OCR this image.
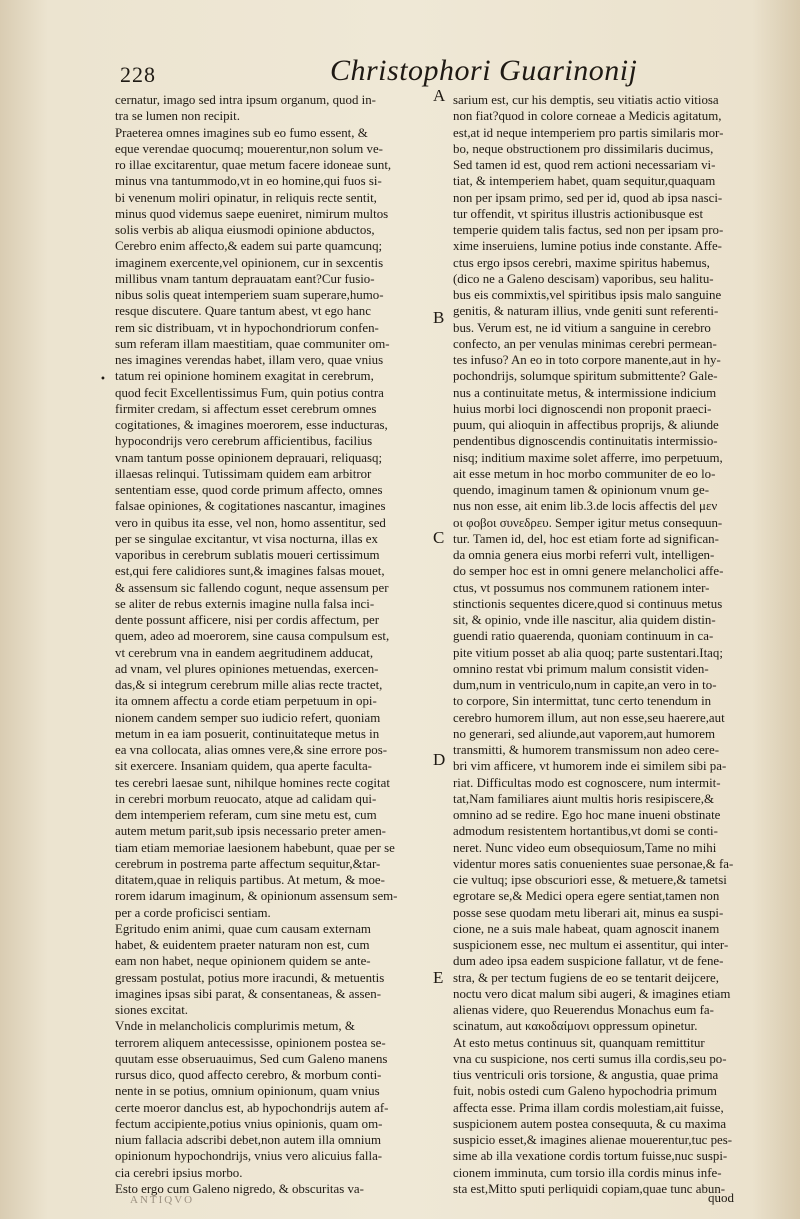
228	Christophori Guarinonij
cernatur, imago sed intra ipsum organum, quod in-
tra se lumen non recipit.
Praeterea omnes imagines sub eo fumo essent, &
eque verendae quocumq; mouerentur,non solum ve-
ro illae excitarentur, quae metum facere idoneae sunt,
minus vna tantummodo,vt in eo homine,qui fuos si-
bi venenum moliri opinatur, in reliquis recte sentit,
minus quod videmus saepe eueniret, nimirum multos
solis verbis ab aliqua eiusmodi opinione abductos,
Cerebro enim affecto,& eadem sui parte quamcunq;
imaginem exercente,vel opinionem, cur in sexcentis
millibus vnam tantum deprauatam eant?Cur fusio-
nibus solis queat intemperiem suam superare,humo-
resque discutere. Quare tantum abest, vt ego hanc
rem sic distribuam, vt in hypochondriorum confen-
sum referam illam maestitiam, quae communiter om-
nes imagines verendas habet, illam vero, quae vnius
tatum rei opinione hominem exagitat in cerebrum,
quod fecit Excellentissimus Fum, quin potius contra
firmiter credam, si affectum esset cerebrum omnes
cogitationes, & imagines moerorem, esse inducturas,
hypocondrijs vero cerebrum afficientibus, facilius
vnam tantum posse opinionem deprauari, reliquasq;
illaesas relinqui. Tutissimam quidem eam arbitror
sententiam esse, quod corde primum affecto, omnes
falsae opiniones, & cogitationes nascantur, imagines
vero in quibus ita esse, vel non, homo assentitur, sed
per se singulae excitantur, vt visa nocturna, illas ex
vaporibus in cerebrum sublatis moueri certissimum
est,qui fere calidiores sunt,& imagines falsas mouet,
& assensum sic fallendo cogunt, neque assensum per
se aliter de rebus externis imagine nulla falsa inci-
dente possunt afficere, nisi per cordis affectum, per
quem, adeo ad moerorem, sine causa compulsum est,
vt cerebrum vna in eandem aegritudinem adducat,
ad vnam, vel plures opiniones metuendas, exercen-
das,& si integrum cerebrum mille alias recte tractet,
ita omnem affectu a corde etiam perpetuum in opi-
nionem candem semper suo iudicio refert, quoniam
metum in ea iam posuerit, continuitateque metus in
ea vna collocata, alias omnes vere,& sine errore pos-
sit exercere. Insaniam quidem, qua aperte faculta-
tes cerebri laesae sunt, nihilque homines recte cogitat
in cerebri morbum reuocato, atque ad calidam qui-
dem intemperiem referam, cum sine metu est, cum
autem metum parit,sub ipsis necessario preter amen-
tiam etiam memoriae laesionem habebunt, quae per se
cerebrum in postrema parte affectum sequitur,&tar-
ditatem,quae in reliquis partibus. At metum, & moe-
rorem idarum imaginum, & opinionum assensum sem-
per a corde proficisci sentiam.
Egritudo enim animi, quae cum causam externam
habet, & euidentem praeter naturam non est, cum
eam non habet, neque opinionem quidem se ante-
gressam postulat, potius more iracundi, & metuentis
imagines ipsas sibi parat, & consentaneas, & assen-
siones excitat.
Vnde in melancholicis complurimis metum, &
terrorem aliquem antecessisse, opinionem postea se-
quutam esse obseruauimus, Sed cum Galeno manens
rursus dico, quod affecto cerebro, & morbum conti-
nente in se potius, omnium opinionum, quam vnius
certe moeror danclus est, ab hypochondrijs autem af-
fectum accipiente,potius vnius opinionis, quam om-
nium fallacia adscribi debet,non autem illa omnium
opinionum hypochondrijs, vnius vero alicuius falla-
cia cerebri ipsius morbo.
Esto ergo cum Galeno nigredo, & obscuritas va-
sarium est, cur his demptis, seu vitiatis actio vitiosa
non fiat?quod in colore corneae a Medicis agitatum,
est,at id neque intemperiem pro partis similaris mor-
bo, neque obstructionem pro dissimilaris ducimus,
Sed tamen id est, quod rem actioni necessariam vi-
tiat, & intemperiem habet, quam sequitur,quaquam
non per ipsam primo, sed per id, quod ab ipsa nasci-
tur offendit, vt spiritus illustris actionibusque est
temperie quidem talis factus, sed non per ipsam pro-
xime inseruiens, lumine potius inde constante. Affe-
ctus ergo ipsos cerebri, maxime spiritus habemus,
(dico ne a Galeno descisam) vaporibus, seu halitu-
bus eis commixtis,vel spiritibus ipsis malo sanguine
genitis, & naturam illius, vnde geniti sunt referenti-
bus. Verum est, ne id vitium a sanguine in cerebro
confecto, an per venulas minimas cerebri permean-
tes infuso? An eo in toto corpore manente,aut in hy-
pochondrijs, solumque spiritum submittente? Gale-
nus a continuitate metus, & intermissione indicium
huius morbi loci dignoscendi non proponit praeci-
puum, qui alioquin in affectibus proprijs, & aliunde
pendentibus dignoscendis continuitatis intermissio-
nisq; inditium maxime solet afferre, imo perpetuum,
ait esse metum in hoc morbo communiter de eo lo-
quendo, imaginum tamen & opinionum vnum ge-
nus non esse, ait enim lib.3.de locis affectis del μεν
οι φοβοι συνεδρευ. Semper igitur metus consequun-
tur. Tamen id, del, hoc est etiam forte ad significan-
da omnia genera eius morbi referri vult, intelligen-
do semper hoc est in omni genere melancholici affe-
ctus, vt possumus nos communem rationem inter-
stinctionis sequentes dicere,quod si continuus metus
sit, & opinio, vnde ille nascitur, alia quidem distin-
guendi ratio quaerenda, quoniam continuum in ca-
pite vitium posset ab alia quoq; parte sustentari.Itaq;
omnino restat vbi primum malum consistit viden-
dum,num in ventriculo,num in capite,an vero in to-
to corpore, Sin intermittat, tunc certo tenendum in
cerebro humorem illum, aut non esse,seu haerere,aut
no generari, sed aliunde,aut vaporem,aut humorem
transmitti, & humorem transmissum non adeo cere-
bri vim afficere, vt humorem inde ei similem sibi pa-
riat. Difficultas modo est cognoscere, num intermit-
tat,Nam familiares aiunt multis horis resipiscere,&
omnino ad se redire. Ego hoc mane inueni obstinate
admodum resistentem hortantibus,vt domi se conti-
neret. Nunc video eum obsequiosum,Tame no mihi
videntur mores satis conuenientes suae personae,& fa-
cie vultuq; ipse obscuriori esse, & metuere,& tametsi
egrotare se,& Medici opera egere sentiat,tamen non
posse sese quodam metu liberari ait, minus ea suspi-
cione, ne a suis male habeat, quam agnoscit inanem
suspicionem esse, nec multum ei assentitur, qui inter-
dum adeo ipsa eadem suspicione fallatur, vt de fene-
stra, & per tectum fugiens de eo se tentarit deijcere,
noctu vero dicat malum sibi augeri, & imagines etiam
alienas videre, quo Reuerendus Monachus eum fa-
scinatum, aut κακοδαίμονι oppressum opinetur.
At esto metus continuus sit, quanquam remittitur
vna cu suspicione, nos certi sumus illa cordis,seu po-
tius ventriculi oris torsione, & angustia, quae prima
fuit, nobis ostedi cum Galeno hypochodria primum
affecta esse. Prima illam cordis molestiam,ait fuisse,
suspicionem autem postea consequuta, & cu maxima
suspicio esset,& imagines alienae mouerentur,tuc pes-
sime ab illa vexatione cordis tortum fuisse,nuc suspi-
cionem imminuta, cum torsio illa cordis minus infe-
sta est,Mitto sputi perliquidi copiam,quae tunc abun-
A
B
C
D
E
•
ANTIQVO	quod
